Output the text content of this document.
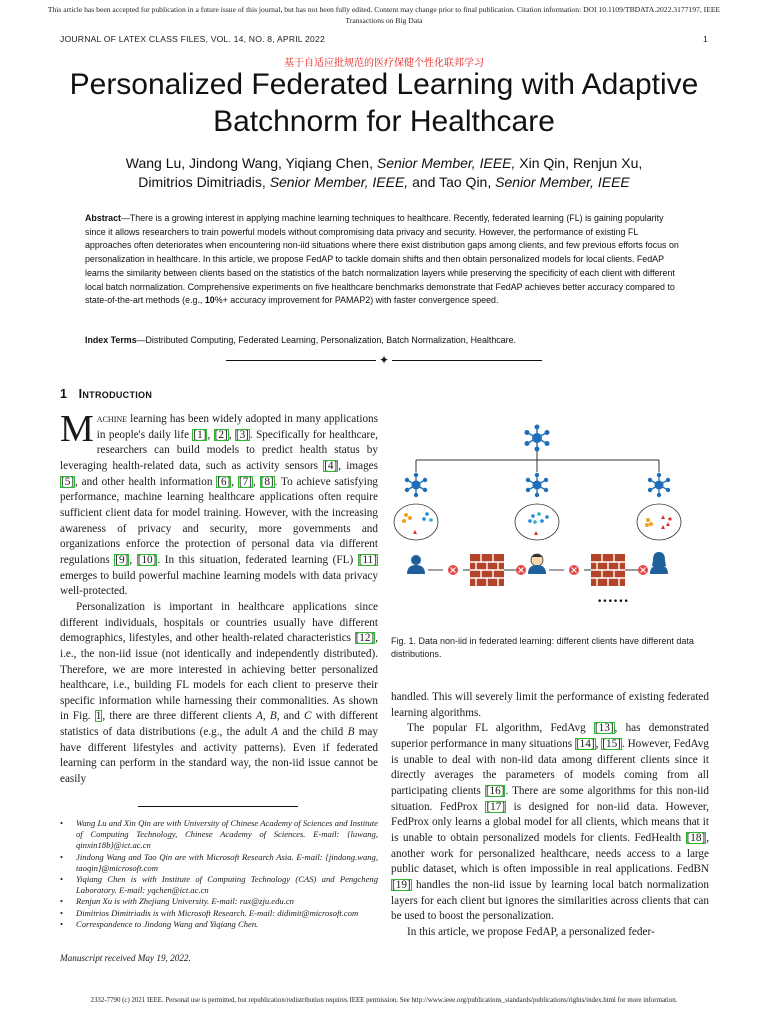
This article has been accepted for publication in a future issue of this journal, but has not been fully edited. Content may change prior to final publication. Citation information: DOI 10.1109/TBDATA.2022.3177197, IEEE
Transactions on Big Data
JOURNAL OF LATEX CLASS FILES, VOL. 14, NO. 8, APRIL 2022	1
基于自适应批规范的医疗保健个性化联邦学习
Personalized Federated Learning with Adaptive
Batchnorm for Healthcare
Wang Lu, Jindong Wang, Yiqiang Chen, Senior Member, IEEE, Xin Qin, Renjun Xu,
Dimitrios Dimitriadis, Senior Member, IEEE, and Tao Qin, Senior Member, IEEE
Abstract—There is a growing interest in applying machine learning techniques to healthcare. Recently, federated learning (FL) is gaining popularity since it allows researchers to train powerful models without compromising data privacy and security. However, the performance of existing FL approaches often deteriorates when encountering non-iid situations where there exist distribution gaps among clients, and few previous efforts focus on personalization in healthcare. In this article, we propose FedAP to tackle domain shifts and then obtain personalized models for local clients. FedAP learns the similarity between clients based on the statistics of the batch normalization layers while preserving the specificity of each client with different local batch normalization. Comprehensive experiments on five healthcare benchmarks demonstrate that FedAP achieves better accuracy compared to state-of-the-art methods (e.g., 10%+ accuracy improvement for PAMAP2) with faster convergence speed.
Index Terms—Distributed Computing, Federated Learning, Personalization, Batch Normalization, Healthcare.
✦
1 Introduction

Machine learning has been widely adopted in many applications in people's daily life [1], [2], [3]. Specifically for healthcare, researchers can build models to predict health status by leveraging health-related data, such as activity sensors [4], images [5], and other health information [6], [7], [8]. To achieve satisfying performance, machine learning healthcare applications often require sufficient client data for model training. However, with the increasing awareness of privacy and security, more governments and organizations enforce the protection of personal data via different regulations [9], [10]. In this situation, federated learning (FL) [11] emerges to build powerful machine learning models with data privacy well-protected.

Personalization is important in healthcare applications since different individuals, hospitals or countries usually have different demographics, lifestyles, and other health-related characteristics [12], i.e., the non-iid issue (not identically and independently distributed). Therefore, we are more interested in achieving better personalized healthcare, i.e., building FL models for each client to preserve their specific information while harnessing their commonalities. As shown in Fig. 1, there are three different clients A, B, and C with different statistics of data distributions (e.g., the adult A and the child B may have different lifestyles and activity patterns). Even if federated learning can perform in the standard way, the non-iid issue cannot be easily

• Wang Lu and Xin Qin are with University of Chinese Academy of Sciences and Institute of Computing Technology, Chinese Academy of Sciences. E-mail: {luwang, qinxin18b}@ict.ac.cn
• Jindong Wang and Tao Qin are with Microsoft Research Asia. E-mail: {jindong.wang, taoqin}@microsoft.com
• Yiqiang Chen is with Institute of Computing Technology (CAS) and Pengcheng Laboratory. E-mail: yqchen@ict.ac.cn
• Renjun Xu is with Zhejiang University. E-mail: rux@zju.edu.cn
• Dimitrios Dimitriadis is with Microsoft Research. E-mail: didimit@microsoft.com
• Correspondence to Jindong Wang and Yiqiang Chen.
Manuscript received May 19, 2022.
••••••
Fig. 1. Data non-iid in federated learning: different clients have different data distributions.

handled. This will severely limit the performance of existing federated learning algorithms.

The popular FL algorithm, FedAvg [13], has demonstrated superior performance in many situations [14], [15]. However, FedAvg is unable to deal with non-iid data among different clients since it directly averages the parameters of models coming from all participating clients [16]. There are some algorithms for this non-iid situation. FedProx [17] is designed for non-iid data. However, FedProx only learns a global model for all clients, which means that it is unable to obtain personalized models for clients. FedHealth [18], another work for personalized healthcare, needs access to a large public dataset, which is often impossible in real applications. FedBN [19] handles the non-iid issue by learning local batch normalization layers for each client but ignores the similarities across clients that can be used to boost the personalization.

In this article, we propose FedAP, a personalized feder-

2332-7790 (c) 2021 IEEE. Personal use is permitted, but republication/redistribution requires IEEE permission. See http://www.ieee.org/publications_standards/publications/rights/index.html for more information.
